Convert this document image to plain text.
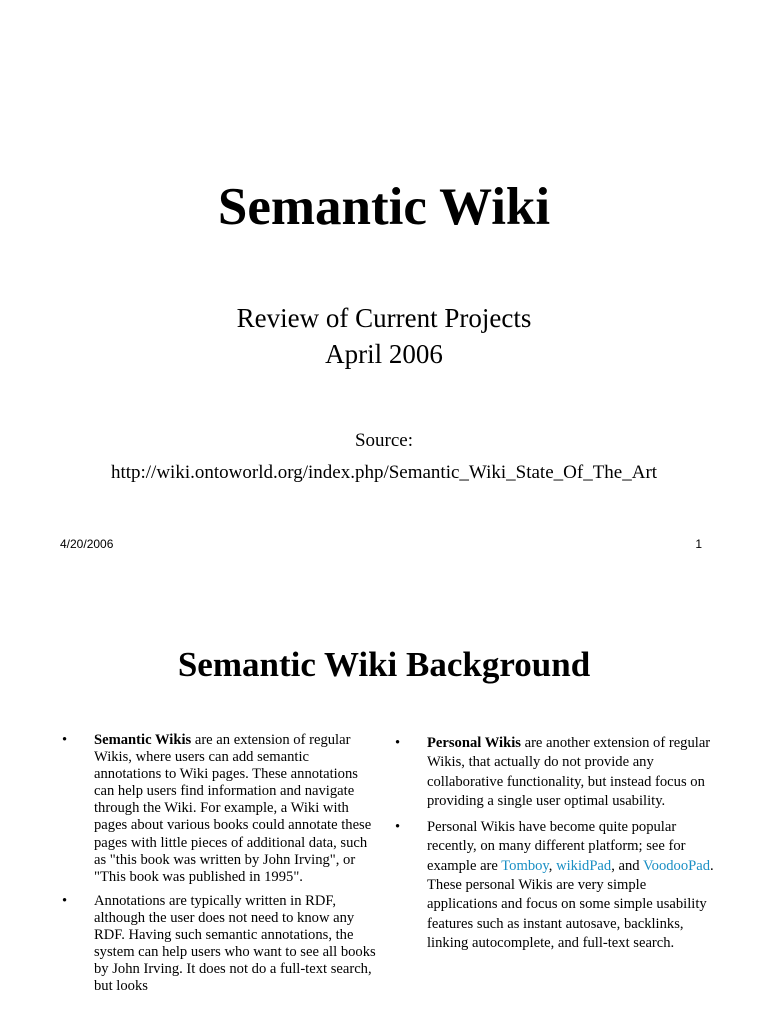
Semantic Wiki
Review of Current Projects
April 2006
Source:
http://wiki.ontoworld.org/index.php/Semantic_Wiki_State_Of_The_Art
4/20/2006	1
Semantic Wiki Background
•	Semantic Wikis are an extension of regular Wikis, where users can add semantic annotations to Wiki pages. These annotations can help users find information and navigate through the Wiki. For example, a Wiki with pages about various books could annotate these pages with little pieces of additional data, such as "this book was written by John Irving", or "This book was published in 1995".
•	Annotations are typically written in RDF, although the user does not need to know any RDF. Having such semantic annotations, the system can help users who want to see all books by John Irving. It does not do a full-text search, but looks
•	Personal Wikis are another extension of regular Wikis, that actually do not provide any collaborative functionality, but instead focus on providing a single user optimal usability.
•	Personal Wikis have become quite popular recently, on many different platform; see for example are Tomboy, wikidPad, and VoodooPad. These personal Wikis are very simple applications and focus on some simple usability features such as instant autosave, backlinks, linking autocomplete, and full-text search.
